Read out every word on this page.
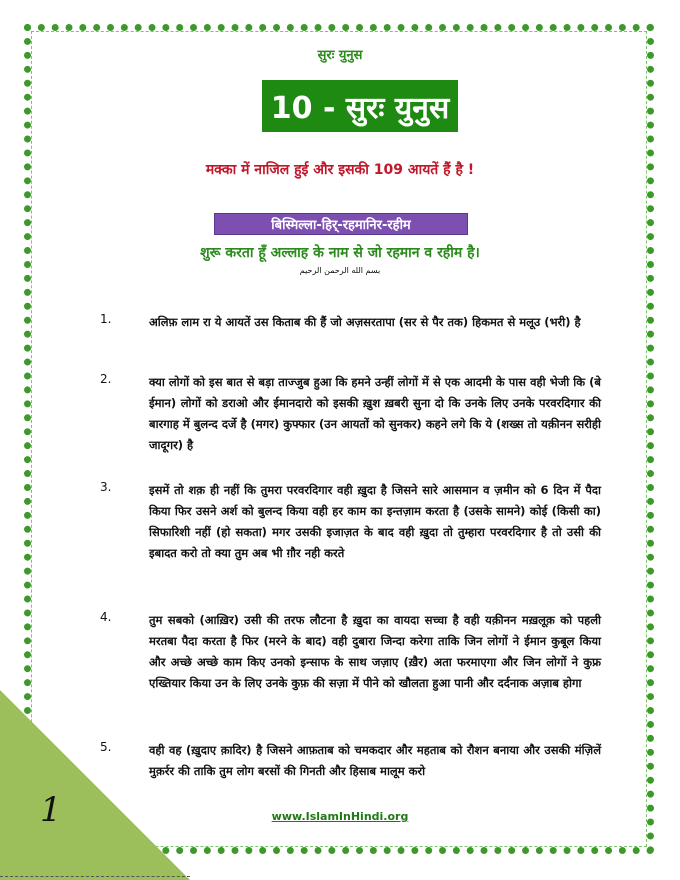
सुरः युनुस
10 - सुरः युनुस
मक्का में नाजिल हुई और इसकी 109 आयतें हैं है !
बिस्मिल्ला-हिर्-रहमानिर-रहीम
शुरू करता हूँ अल्लाह के नाम से जो रहमान व रहीम है।
بسم الله الرحمن الرحيم
1.	अलिफ़ लाम रा ये आयतें उस किताब की हैं जो अज़सरतापा (सर से पैर तक) हिकमत से मलूउ (भरी) है
2.	क्या लोगों को इस बात से बड़ा ताज्जुब हुआ कि हमने उन्हीं लोगों में से एक आदमी के पास वही भेजी कि (बे ईमान) लोगों को डराओ और ईमानदारो को इसकी ख़ुश ख़बरी सुना दो कि उनके लिए उनके परवरदिगार की बारगाह में बुलन्द दर्जे है (मगर) कुफ्फार (उन आयतों को सुनकर) कहने लगे कि ये (शख्स तो यक़ीनन सरीही जादूगर) है
3.	इसमें तो शक़ ही नहीं कि तुमरा परवरदिगार वही ख़ुदा है जिसने सारे आसमान व ज़मीन को 6 दिन में पैदा किया फिर उसने अर्श को बुलन्द किया वही हर काम का इन्तज़ाम करता है (उसके सामने) कोई (किसी का) सिफारिशी नहीं (हो सकता) मगर उसकी इजाज़त के बाद वही ख़ुदा तो तुम्हारा परवरदिगार है तो उसी की इबादत करो तो क्या तुम अब भी ग़ौर नही करते
4.	तुम सबको (आख़िर) उसी की तरफ लौटना है ख़ुदा का वायदा सच्चा है वही यक़ीनन मख़लूक़ को पहली मरतबा पैदा करता है फिर (मरने के बाद) वही दुबारा जिन्दा करेगा ताकि जिन लोगों ने ईमान कुबूल किया और अच्छे अच्छे काम किए उनको इन्साफ के साथ जज़ाए (ख़ैर) अता फरमाएगा और जिन लोगों ने कुफ्र एख्तियार किया उन के लिए उनके कुफ़ की सज़ा में पीने को खौलता हुआ पानी और दर्दनाक अज़ाब होगा
5.	वही वह (ख़ुदाए क़ादिर) है जिसने आफ़ताब को चमकदार और महताब को रौशन बनाया और उसकी मंज़िलें मुक़र्रर की ताकि तुम लोग बरसों की गिनती और हिसाब मालूम करो
www.IslamInHindi.org
1
